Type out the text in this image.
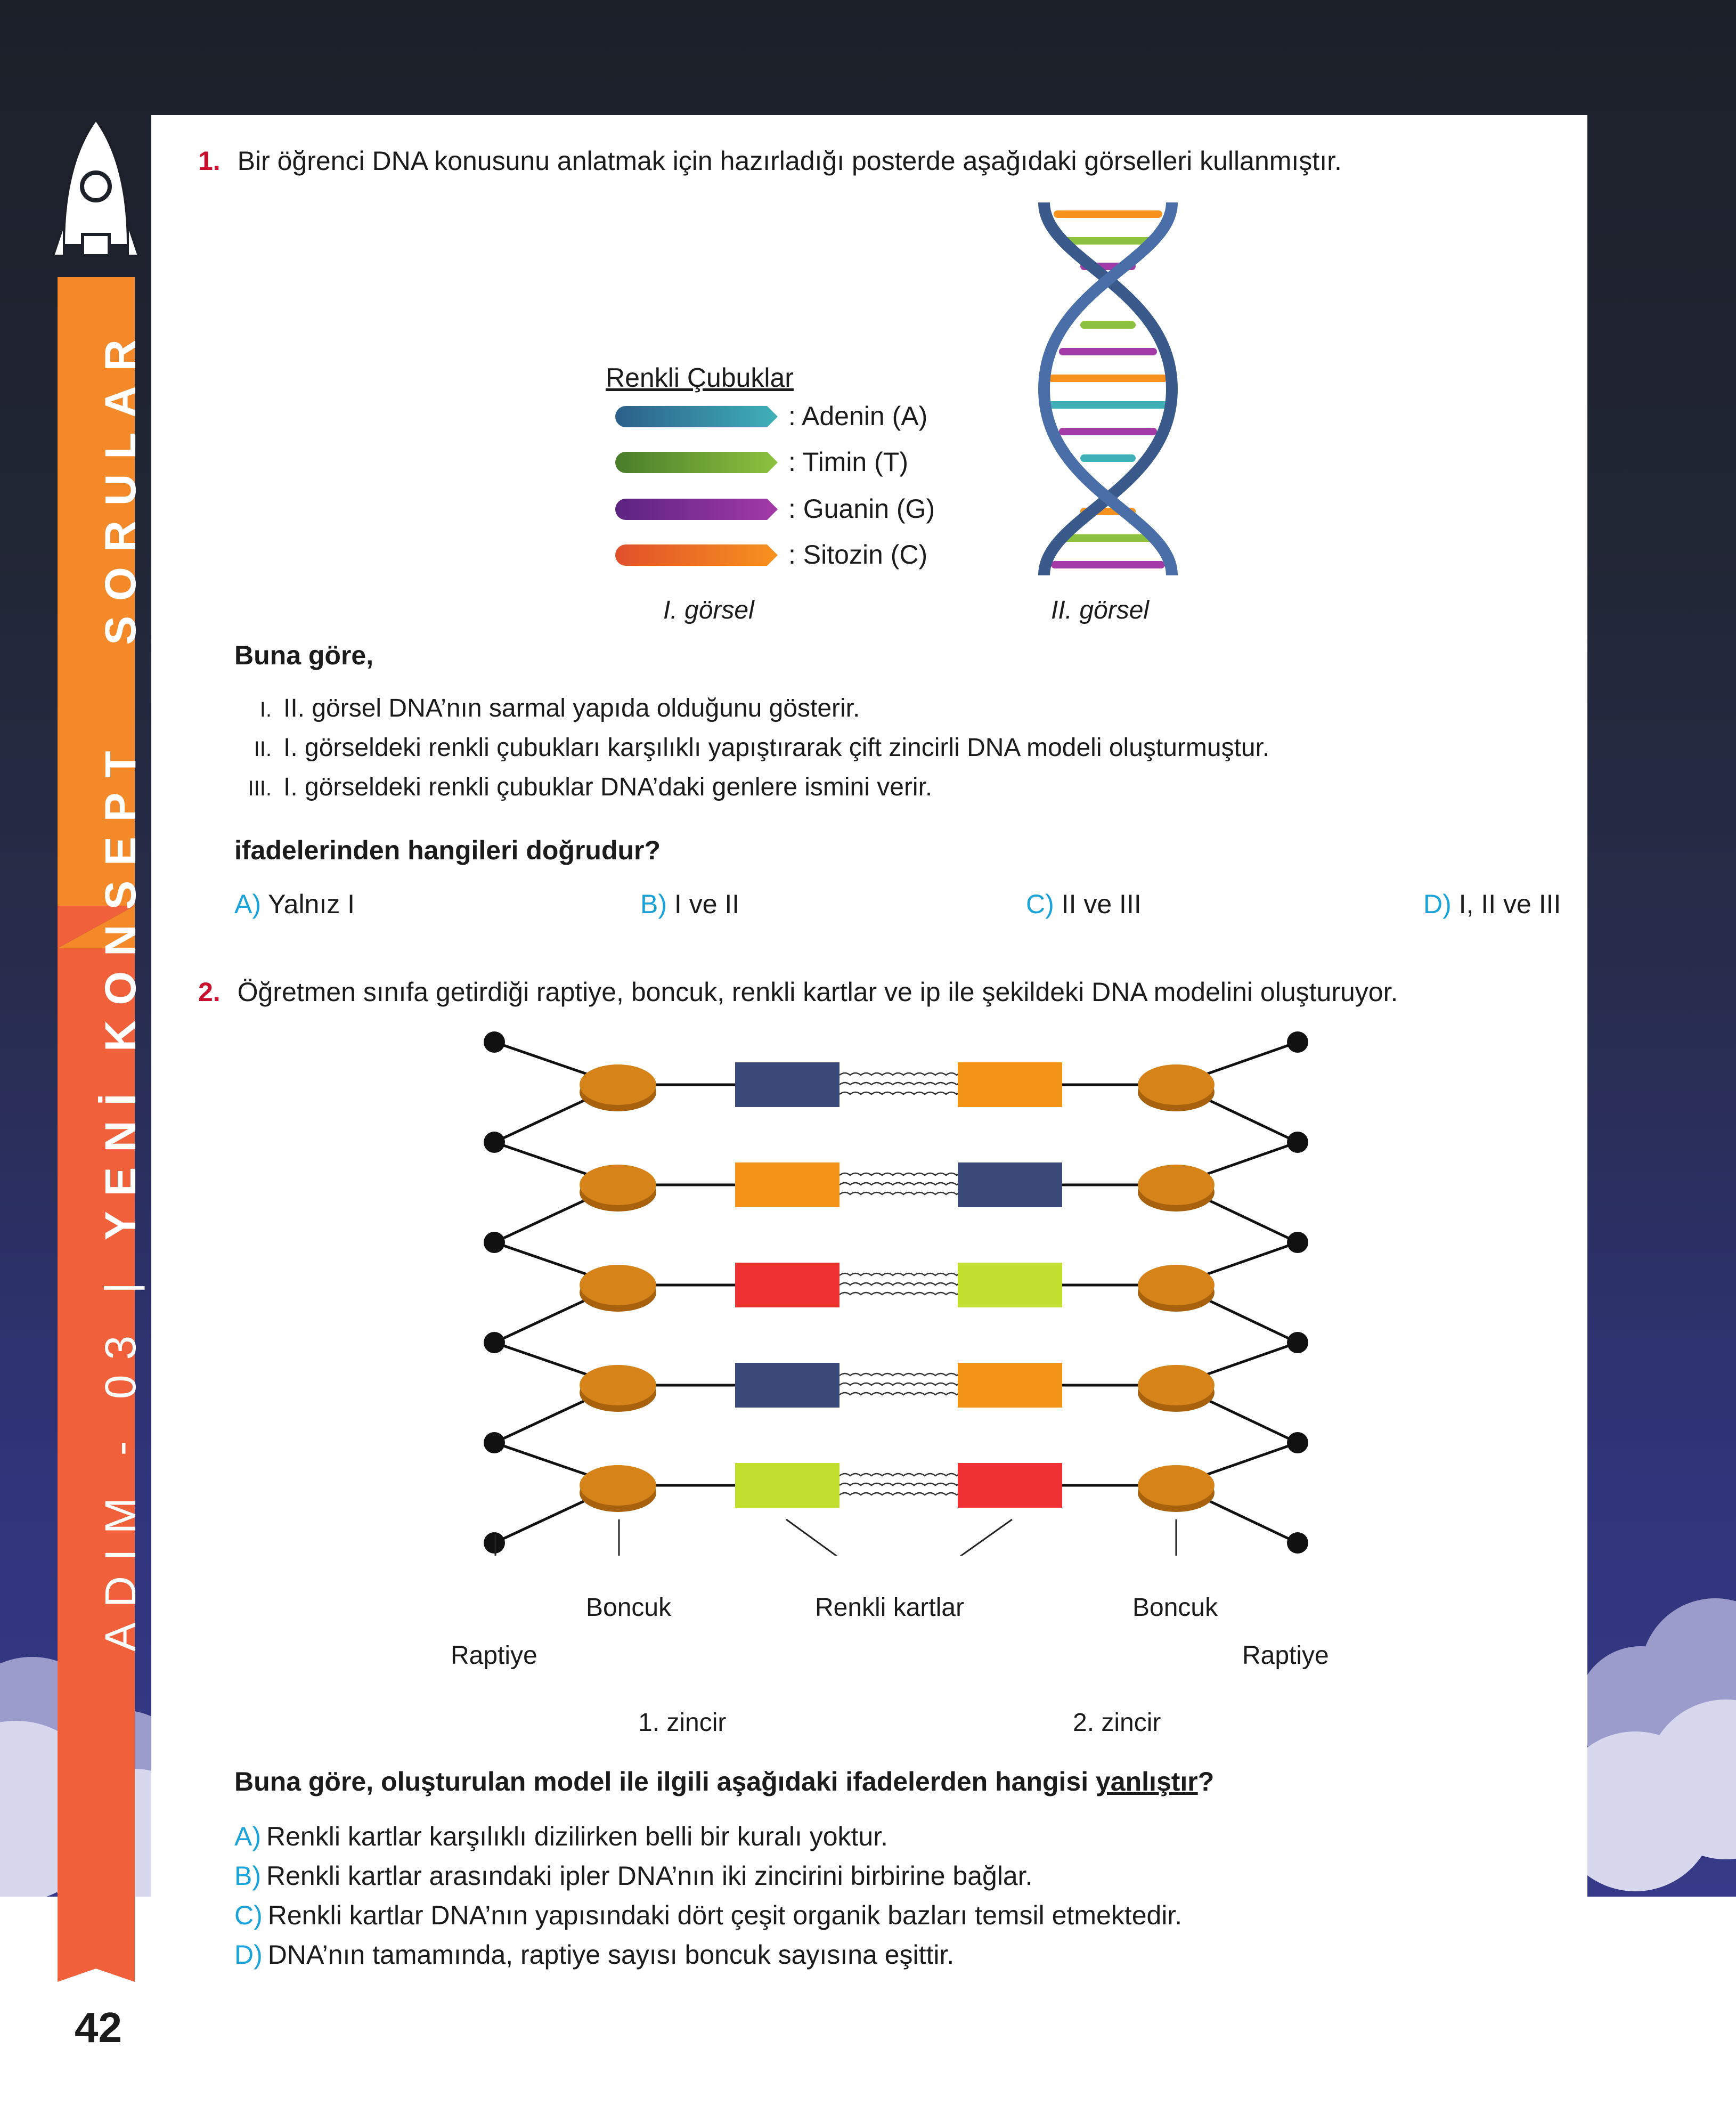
ADIM - 03 | YENİ KONSEPT SORULAR
42
1. Bir öğrenci DNA konusunu anlatmak için hazırladığı posterde aşağıdaki görselleri kullanmıştır.
Renkli Çubuklar
: Adenin (A)
: Timin (T)
: Guanin (G)
: Sitozin (C)
I. görsel	II. görsel
Buna göre,
I. II. görsel DNA’nın sarmal yapıda olduğunu gösterir.
II. I. görseldeki renkli çubukları karşılıklı yapıştırarak çift zincirli DNA modeli oluşturmuştur.
III. I. görseldeki renkli çubuklar DNA’daki genlere ismini verir.
ifadelerinden hangileri doğrudur?
A) Yalnız I	B) I ve II	C) II ve III	D) I, II ve III
2. Öğretmen sınıfa getirdiği raptiye, boncuk, renkli kartlar ve ip ile şekildeki DNA modelini oluşturuyor.
Boncuk	Renkli kartlar	Boncuk
Raptiye	Raptiye
1. zincir	2. zincir
Buna göre, oluşturulan model ile ilgili aşağıdaki ifadelerden hangisi yanlıştır?
A) Renkli kartlar karşılıklı dizilirken belli bir kuralı yoktur.
B) Renkli kartlar arasındaki ipler DNA’nın iki zincirini birbirine bağlar.
C) Renkli kartlar DNA’nın yapısındaki dört çeşit organik bazları temsil etmektedir.
D) DNA’nın tamamında, raptiye sayısı boncuk sayısına eşittir.
